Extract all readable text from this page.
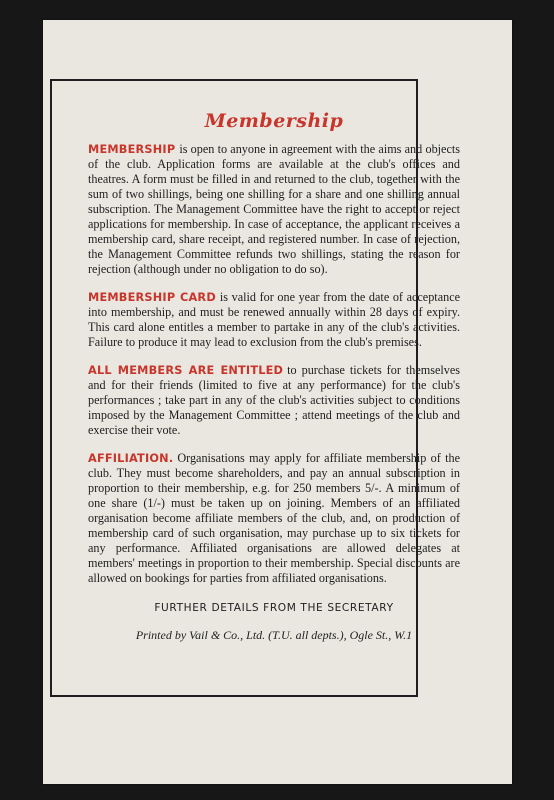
Membership

MEMBERSHIP is open to anyone in agreement with the aims and objects of the club. Application forms are available at the club's offices and theatres. A form must be filled in and returned to the club, together with the sum of two shillings, being one shilling for a share and one shilling annual subscription. The Management Committee have the right to accept or reject applications for membership. In case of acceptance, the applicant receives a membership card, share receipt, and registered number. In case of rejection, the Management Committee refunds two shillings, stating the reason for rejection (although under no obligation to do so).

MEMBERSHIP CARD is valid for one year from the date of acceptance into membership, and must be renewed annually within 28 days of expiry. This card alone entitles a member to partake in any of the club's activities. Failure to produce it may lead to exclusion from the club's premises.

ALL MEMBERS ARE ENTITLED to purchase tickets for themselves and for their friends (limited to five at any performance) for the club's performances ; take part in any of the club's activities subject to conditions imposed by the Management Committee ; attend meetings of the club and exercise their vote.

AFFILIATION. Organisations may apply for affiliate membership of the club. They must become shareholders, and pay an annual subscription in proportion to their membership, e.g. for 250 members 5/-. A minimum of one share (1/-) must be taken up on joining. Members of an affiliated organisation become affiliate members of the club, and, on production of membership card of such organisation, may purchase up to six tickets for any performance. Affiliated organisations are allowed delegates at members' meetings in proportion to their membership. Special discounts are allowed on bookings for parties from affiliated organisations.

FURTHER DETAILS FROM THE SECRETARY

Printed by Vail & Co., Ltd. (T.U. all depts.), Ogle St., W.1
